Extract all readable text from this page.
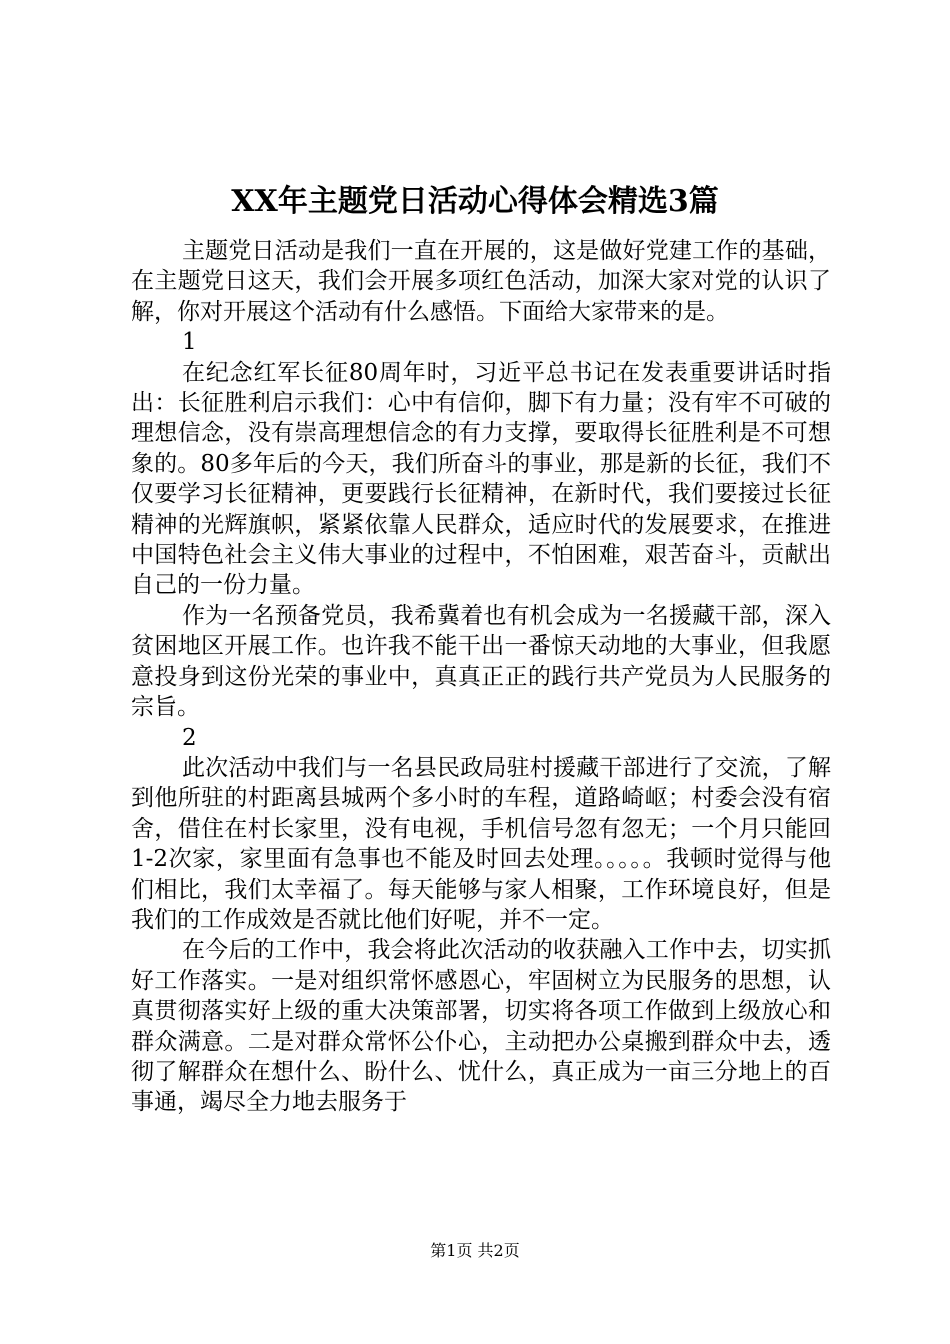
XX年主题党日活动心得体会精选3篇

主题党日活动是我们一直在开展的，这是做好党建工作的基础，在主题党日这天，我们会开展多项红色活动，加深大家对党的认识了解，你对开展这个活动有什么感悟。下面给大家带来的是。

1

在纪念红军长征80周年时，习近平总书记在发表重要讲话时指出：长征胜利启示我们：心中有信仰，脚下有力量；没有牢不可破的理想信念，没有崇高理想信念的有力支撑，要取得长征胜利是不可想象的。80多年后的今天，我们所奋斗的事业，那是新的长征，我们不仅要学习长征精神，更要践行长征精神，在新时代，我们要接过长征精神的光辉旗帜，紧紧依靠人民群众，适应时代的发展要求，在推进中国特色社会主义伟大事业的过程中，不怕困难，艰苦奋斗，贡献出自己的一份力量。

作为一名预备党员，我希冀着也有机会成为一名援藏干部，深入贫困地区开展工作。也许我不能干出一番惊天动地的大事业，但我愿意投身到这份光荣的事业中，真真正正的践行共产党员为人民服务的宗旨。

2

此次活动中我们与一名县民政局驻村援藏干部进行了交流，了解到他所驻的村距离县城两个多小时的车程，道路崎岖；村委会没有宿舍，借住在村长家里，没有电视，手机信号忽有忽无；一个月只能回1-2次家，家里面有急事也不能及时回去处理。。。。。我顿时觉得与他们相比，我们太幸福了。每天能够与家人相聚，工作环境良好，但是我们的工作成效是否就比他们好呢，并不一定。

在今后的工作中，我会将此次活动的收获融入工作中去，切实抓好工作落实。一是对组织常怀感恩心，牢固树立为民服务的思想，认真贯彻落实好上级的重大决策部署，切实将各项工作做到上级放心和群众满意。二是对群众常怀公仆心，主动把办公桌搬到群众中去，透彻了解群众在想什么、盼什么、忧什么，真正成为一亩三分地上的百事通，竭尽全力地去服务于

第1页 共2页
